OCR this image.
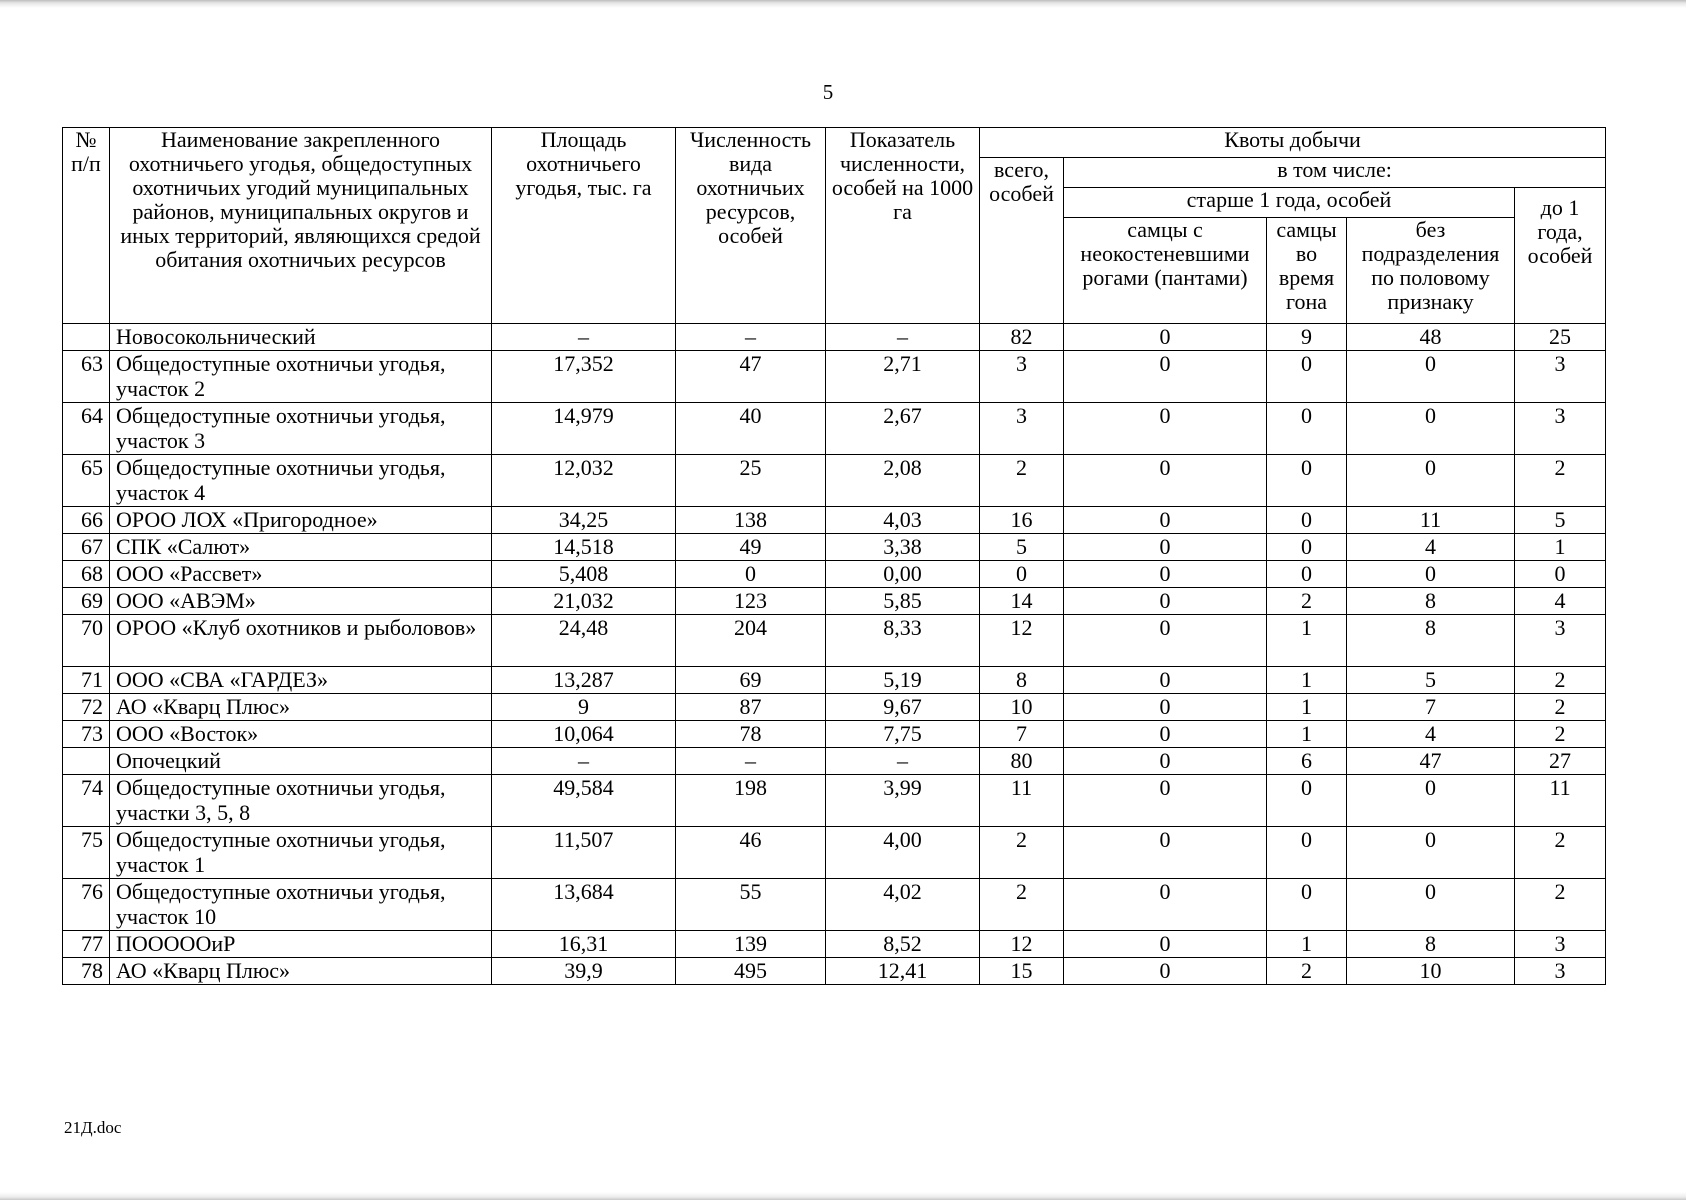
5
№ п/п	Наименование закрепленного охотничьего угодья, общедоступных охотничьих угодий муниципальных районов, муниципальных округов и иных территорий, являющихся средой обитания охотничьих ресурсов	Площадь охотничьего угодья, тыс. га	Численность вида охотничьих ресурсов, особей	Показатель численности, особей на 1000 га	Квоты добычи				
					всего, особей	в том числе:			
						старше 1 года, особей			до 1 года, особей
						самцы с неокостеневшими рогами (пантами)	самцы во время гона	без подразделения по половому признаку	
	Новосокольнический	–	–	–	82	0	9	48	25
63	Общедоступные охотничьи угодья, участок 2	17,352	47	2,71	3	0	0	0	3
64	Общедоступные охотничьи угодья, участок 3	14,979	40	2,67	3	0	0	0	3
65	Общедоступные охотничьи угодья, участок 4	12,032	25	2,08	2	0	0	0	2
66	ОРОО ЛОХ «Пригородное»	34,25	138	4,03	16	0	0	11	5
67	СПК «Салют»	14,518	49	3,38	5	0	0	4	1
68	ООО «Рассвет»	5,408	0	0,00	0	0	0	0	0
69	ООО «АВЭМ»	21,032	123	5,85	14	0	2	8	4
70	ОРОО «Клуб охотников и рыболовов»	24,48	204	8,33	12	0	1	8	3
71	ООО «СВА «ГАРДЕЗ»	13,287	69	5,19	8	0	1	5	2
72	АО «Кварц Плюс»	9	87	9,67	10	0	1	7	2
73	ООО «Восток»	10,064	78	7,75	7	0	1	4	2
	Опочецкий	–	–	–	80	0	6	47	27
74	Общедоступные охотничьи угодья, участки 3, 5, 8	49,584	198	3,99	11	0	0	0	11
75	Общедоступные охотничьи угодья, участок 1	11,507	46	4,00	2	0	0	0	2
76	Общедоступные охотничьи угодья, участок 10	13,684	55	4,02	2	0	0	0	2
77	ПОООООиР	16,31	139	8,52	12	0	1	8	3
78	АО «Кварц Плюс»	39,9	495	12,41	15	0	2	10	3
21Д.doc
